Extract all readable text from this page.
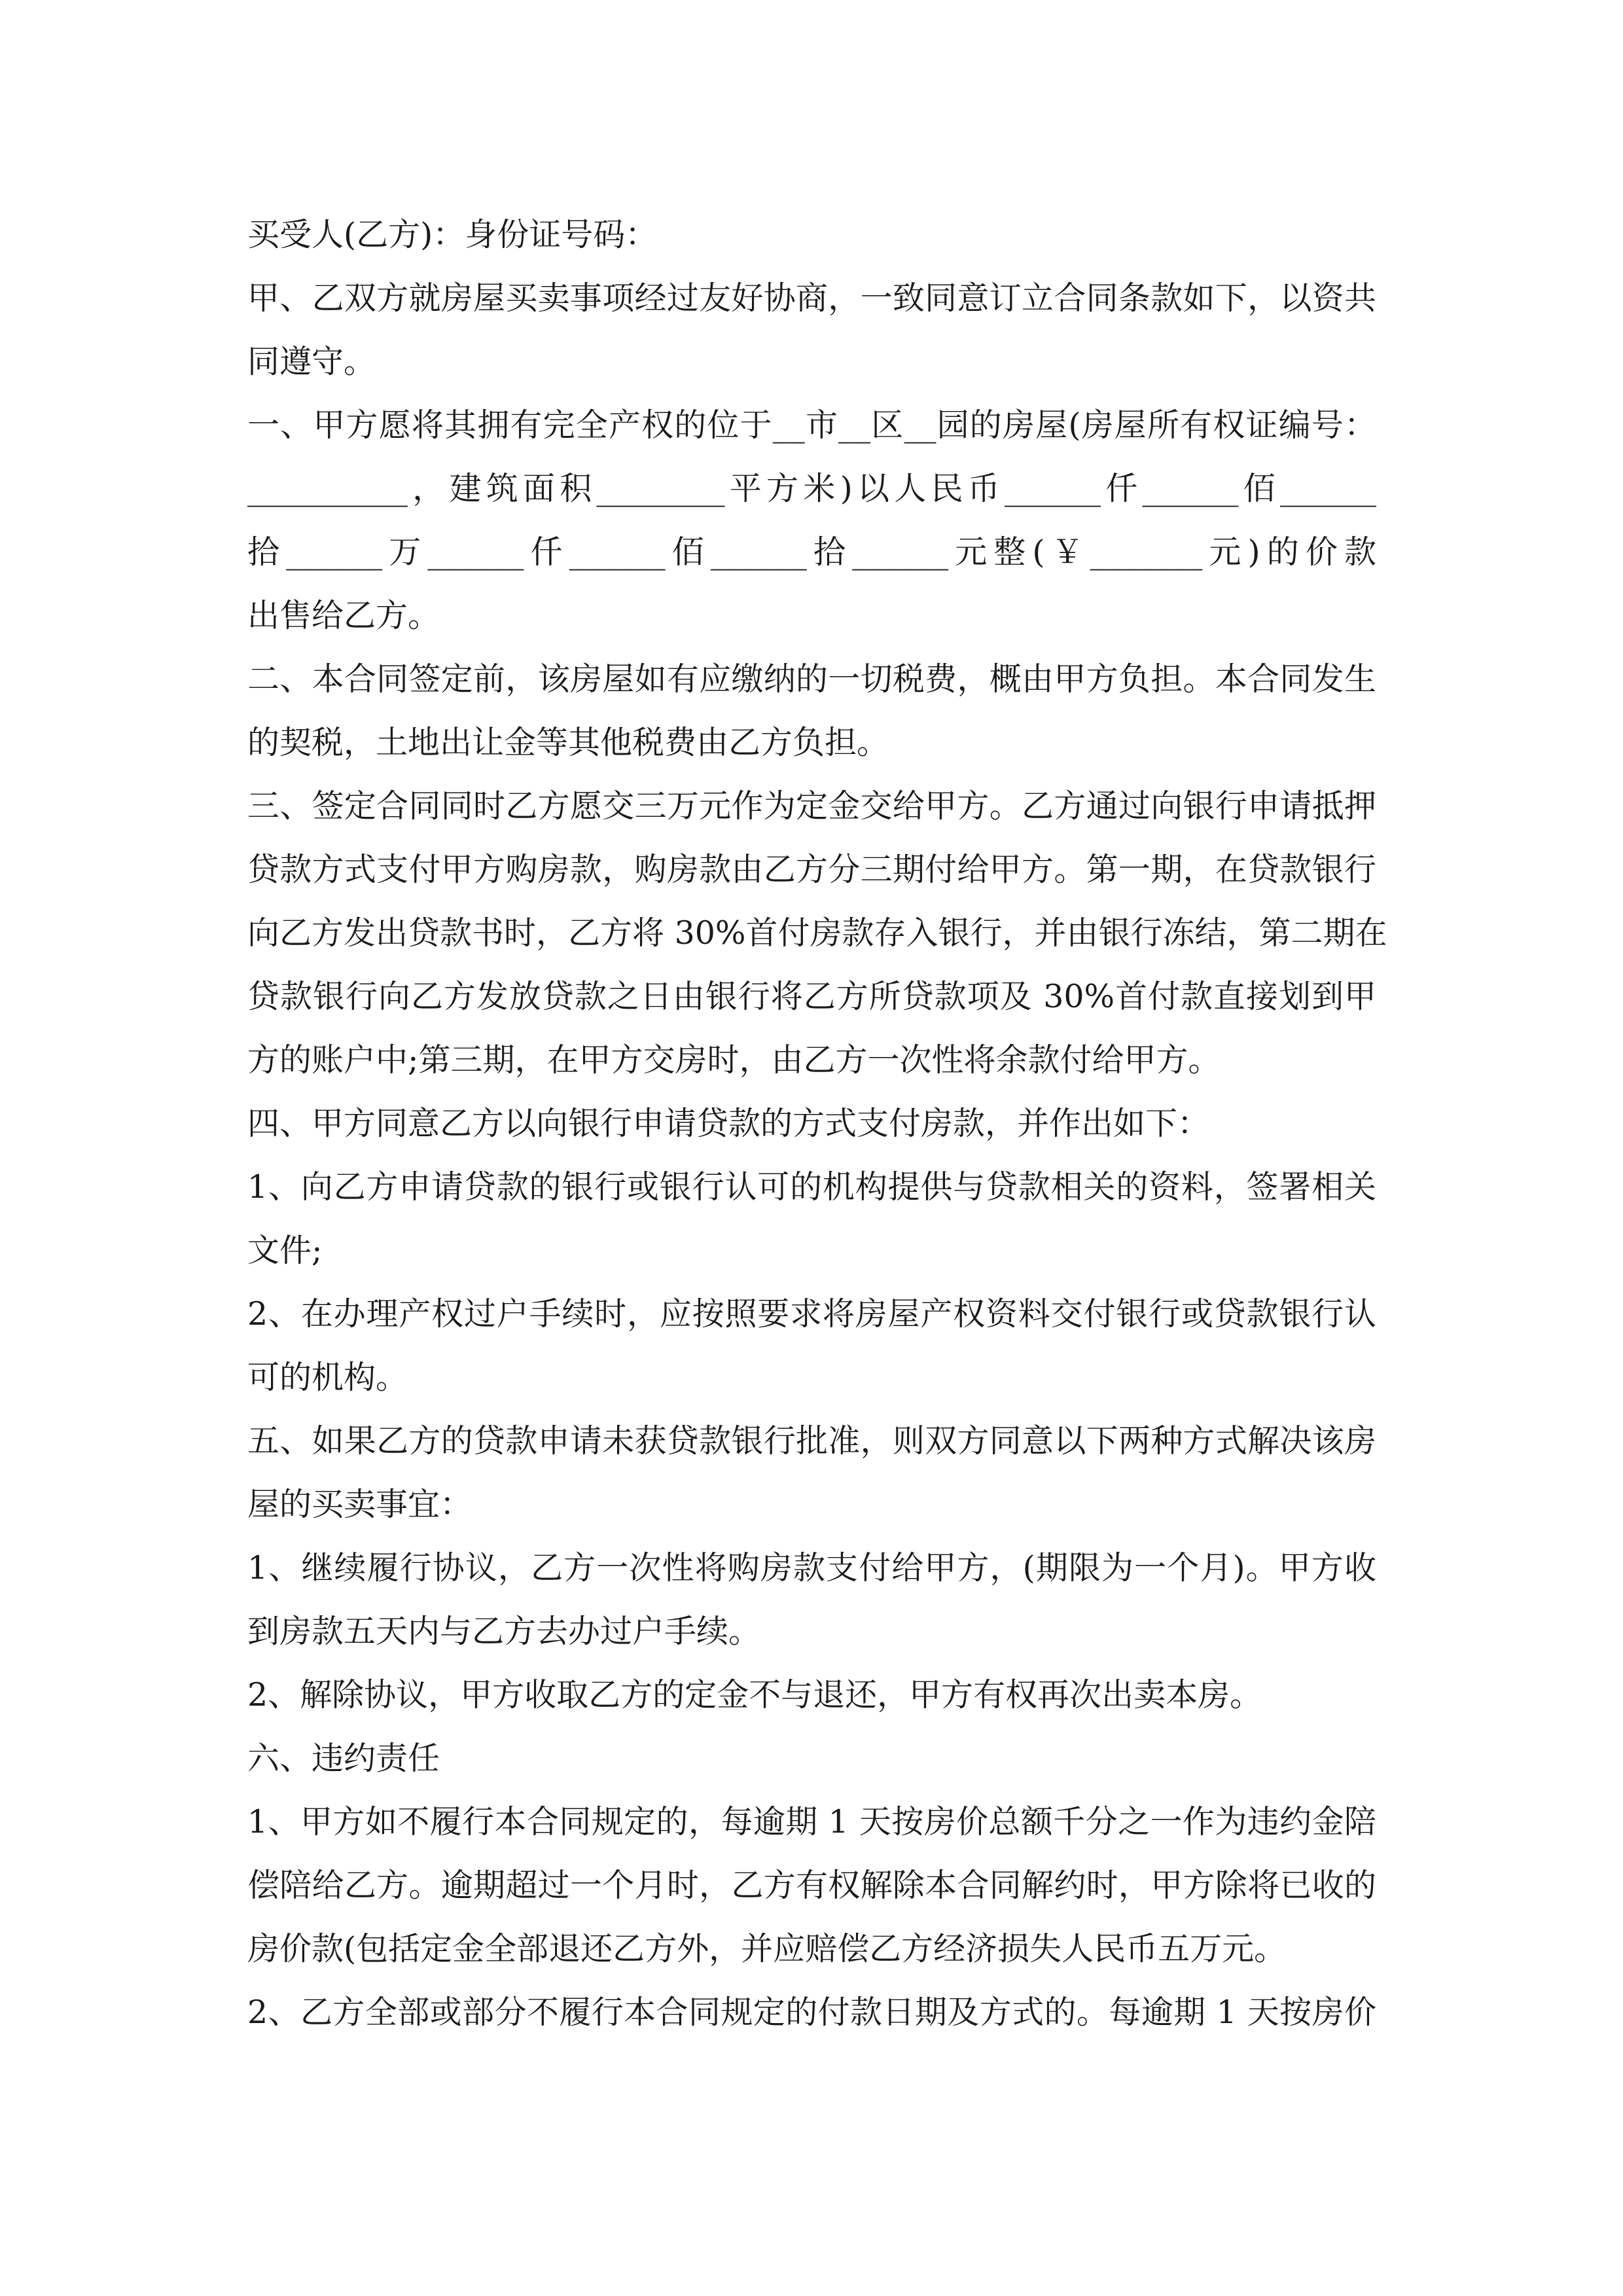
买受人(乙方)：身份证号码：
甲、乙双方就房屋买卖事项经过友好协商，一致同意订立合同条款如下，以资共
同遵守。
一、甲方愿将其拥有完全产权的位于__市__区__园的房屋(房屋所有权证编号：
__________，建筑面积________平方米)以人民币______仟______佰______
拾______万______仟______佰______拾______元整(￥_______元)的价款
出售给乙方。
二、本合同签定前，该房屋如有应缴纳的一切税费，概由甲方负担。本合同发生
的契税，土地出让金等其他税费由乙方负担。
三、签定合同同时乙方愿交三万元作为定金交给甲方。乙方通过向银行申请抵押
贷款方式支付甲方购房款，购房款由乙方分三期付给甲方。第一期，在贷款银行
向乙方发出贷款书时，乙方将 30%首付房款存入银行，并由银行冻结，第二期在
贷款银行向乙方发放贷款之日由银行将乙方所贷款项及 30%首付款直接划到甲
方的账户中;第三期，在甲方交房时，由乙方一次性将余款付给甲方。
四、甲方同意乙方以向银行申请贷款的方式支付房款，并作出如下：
1、向乙方申请贷款的银行或银行认可的机构提供与贷款相关的资料，签署相关
文件;
2、在办理产权过户手续时，应按照要求将房屋产权资料交付银行或贷款银行认
可的机构。
五、如果乙方的贷款申请未获贷款银行批准，则双方同意以下两种方式解决该房
屋的买卖事宜：
1、继续履行协议，乙方一次性将购房款支付给甲方，(期限为一个月)。甲方收
到房款五天内与乙方去办过户手续。
2、解除协议，甲方收取乙方的定金不与退还，甲方有权再次出卖本房。
六、违约责任
1、甲方如不履行本合同规定的，每逾期 1 天按房价总额千分之一作为违约金陪
偿陪给乙方。逾期超过一个月时，乙方有权解除本合同解约时，甲方除将已收的
房价款(包括定金全部退还乙方外，并应赔偿乙方经济损失人民币五万元。
2、乙方全部或部分不履行本合同规定的付款日期及方式的。每逾期 1 天按房价
